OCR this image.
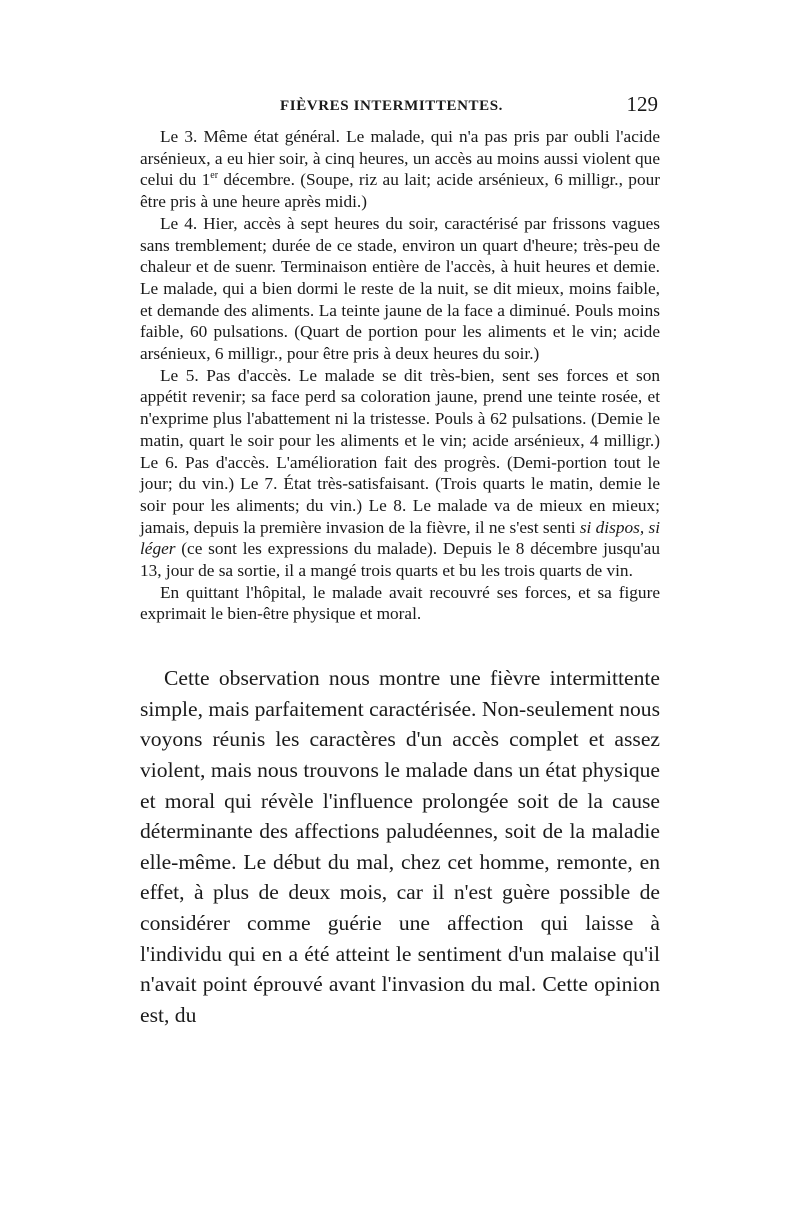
FIÈVRES INTERMITTENTES.	129

Le 3. Même état général. Le malade, qui n'a pas pris par oubli l'acide arsénieux, a eu hier soir, à cinq heures, un accès au moins aussi violent que celui du 1er décembre. (Soupe, riz au lait; acide arsénieux, 6 milligr., pour être pris à une heure après midi.)

Le 4. Hier, accès à sept heures du soir, caractérisé par frissons vagues sans tremblement; durée de ce stade, environ un quart d'heure; très-peu de chaleur et de suenr. Terminaison entière de l'accès, à huit heures et demie. Le malade, qui a bien dormi le reste de la nuit, se dit mieux, moins faible, et demande des aliments. La teinte jaune de la face a diminué. Pouls moins faible, 60 pulsations. (Quart de portion pour les aliments et le vin; acide arsénieux, 6 milligr., pour être pris à deux heures du soir.)

Le 5. Pas d'accès. Le malade se dit très-bien, sent ses forces et son appétit revenir; sa face perd sa coloration jaune, prend une teinte rosée, et n'exprime plus l'abattement ni la tristesse. Pouls à 62 pulsations. (Demie le matin, quart le soir pour les aliments et le vin; acide arsénieux, 4 milligr.) Le 6. Pas d'accès. L'amélioration fait des progrès. (Demi-portion tout le jour; du vin.) Le 7. État très-satisfaisant. (Trois quarts le matin, demie le soir pour les aliments; du vin.) Le 8. Le malade va de mieux en mieux; jamais, depuis la première invasion de la fièvre, il ne s'est senti si dispos, si léger (ce sont les expressions du malade). Depuis le 8 décembre jusqu'au 13, jour de sa sortie, il a mangé trois quarts et bu les trois quarts de vin.

En quittant l'hôpital, le malade avait recouvré ses forces, et sa figure exprimait le bien-être physique et moral.

Cette observation nous montre une fièvre intermittente simple, mais parfaitement caractérisée. Non-seulement nous voyons réunis les caractères d'un accès complet et assez violent, mais nous trouvons le malade dans un état physique et moral qui révèle l'influence prolongée soit de la cause déterminante des affections paludéennes, soit de la maladie elle-même. Le début du mal, chez cet homme, remonte, en effet, à plus de deux mois, car il n'est guère possible de considérer comme guérie une affection qui laisse à l'individu qui en a été atteint le sentiment d'un malaise qu'il n'avait point éprouvé avant l'invasion du mal. Cette opinion est, du
